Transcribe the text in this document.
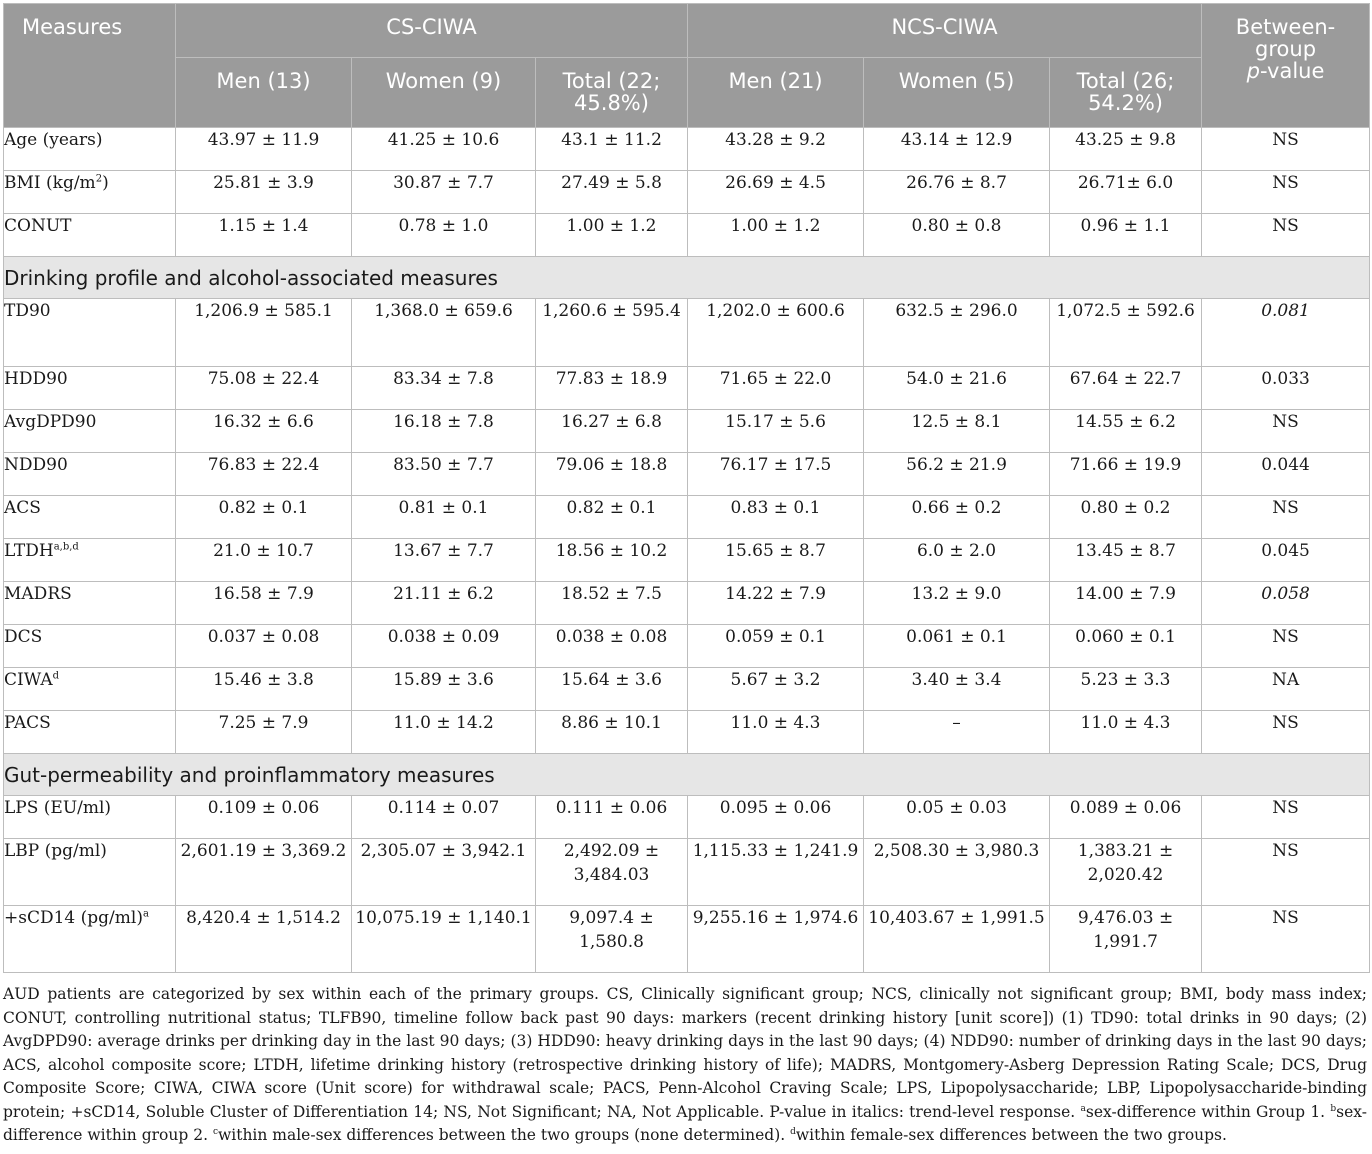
Measures	CS-CIWA			NCS-CIWA			Between-
group
p-value
	Men (13)	Women (9)	Total (22; 45.8%)	Men (21)	Women (5)	Total (26; 54.2%)	
Age (years)	43.97 ± 11.9	41.25 ± 10.6	43.1 ± 11.2	43.28 ± 9.2	43.14 ± 12.9	43.25 ± 9.8	NS
BMI $(kg/m^2)$	25.81 ± 3.9	30.87 ± 7.7	27.49 ± 5.8	26.69 ± 4.5	26.76 ± 8.7	26.71± 6.0	NS
CONUT	1.15 ± 1.4	0.78 ± 1.0	1.00 ± 1.2	1.00 ± 1.2	0.80 ± 0.8	0.96 ± 1.1	NS
Drinking profile and alcohol-associated measures							
TD90	1,206.9 ± 585.1	1,368.0 ± 659.6	1,260.6 ± 595.4	1,202.0 ± 600.6	632.5 ± 296.0	1,072.5 ± 592.6	0.081
HDD90	75.08 ± 22.4	83.34 ± 7.8	77.83 ± 18.9	71.65 ± 22.0	54.0 ± 21.6	67.64 ± 22.7	0.033
AvgDPD90	16.32 ± 6.6	16.18 ± 7.8	16.27 ± 6.8	15.17 ± 5.6	12.5 ± 8.1	14.55 ± 6.2	NS
NDD90	76.83 ± 22.4	83.50 ± 7.7	79.06 ± 18.8	76.17 ± 17.5	56.2 ± 21.9	71.66 ± 19.9	0.044
ACS	0.82 ± 0.1	0.81 ± 0.1	0.82 ± 0.1	0.83 ± 0.1	0.66 ± 0.2	0.80 ± 0.2	NS
LTDH$^{a,b,d}$	21.0 ± 10.7	13.67 ± 7.7	18.56 ± 10.2	15.65 ± 8.7	6.0 ± 2.0	13.45 ± 8.7	0.045
MADRS	16.58 ± 7.9	21.11 ± 6.2	18.52 ± 7.5	14.22 ± 7.9	13.2 ± 9.0	14.00 ± 7.9	0.058
DCS	0.037 ± 0.08	0.038 ± 0.09	0.038 ± 0.08	0.059 ± 0.1	0.061 ± 0.1	0.060 ± 0.1	NS
CIWA$^d$	15.46 ± 3.8	15.89 ± 3.6	15.64 ± 3.6	5.67 ± 3.2	3.40 ± 3.4	5.23 ± 3.3	NA
PACS	7.25 ± 7.9	11.0 ± 14.2	8.86 ± 10.1	11.0 ± 4.3	–	11.0 ± 4.3	NS
Gut-permeability and proinflammatory measures							
LPS (EU/ml)	0.109 ± 0.06	0.114 ± 0.07	0.111 ± 0.06	0.095 ± 0.06	0.05 ± 0.03	0.089 ± 0.06	NS
LBP (pg/ml)	2,601.19 ± 3,369.2	2,305.07 ± 3,942.1	2,492.09 ± 3,484.03	1,115.33 ± 1,241.9	2,508.30 ± 3,980.3	1,383.21 ± 2,020.42	NS
+sCD14 $(pg/ml)^a$	8,420.4 ± 1,514.2	10,075.19 ± 1,140.1	9,097.4 ± 1,580.8	9,255.16 ± 1,974.6	10,403.67 ± 1,991.5	9,476.03 ± 1,991.7	NS

AUD patients are categorized by sex within each of the primary groups. CS, Clinically significant group; NCS, clinically not significant group; BMI, body mass index; CONUT, controlling nutritional status; TLFB90, timeline follow back past 90 days: markers (recent drinking history [unit score]) (1) TD90: total drinks in 90 days; (2) AvgDPD90: average drinks per drinking day in the last 90 days; (3) HDD90: heavy drinking days in the last 90 days; (4) NDD90: number of drinking days in the last 90 days; ACS, alcohol composite score; LTDH, lifetime drinking history (retrospective drinking history of life); MADRS, Montgomery-Asberg Depression Rating Scale; DCS, Drug Composite Score; CIWA, CIWA score (Unit score) for withdrawal scale; PACS, Penn-Alcohol Craving Scale; LPS, Lipopolysaccharide; LBP, Lipopolysaccharide-binding protein; +sCD14, Soluble Cluster of Differentiation 14; NS, Not Significant; NA, Not Applicable. P-value in italics: trend-level response. $^a$sex-difference within Group 1. $^b$sex-difference within group 2. $^c$within male-sex differences between the two groups (none determined). $^d$within female-sex differences between the two groups.
